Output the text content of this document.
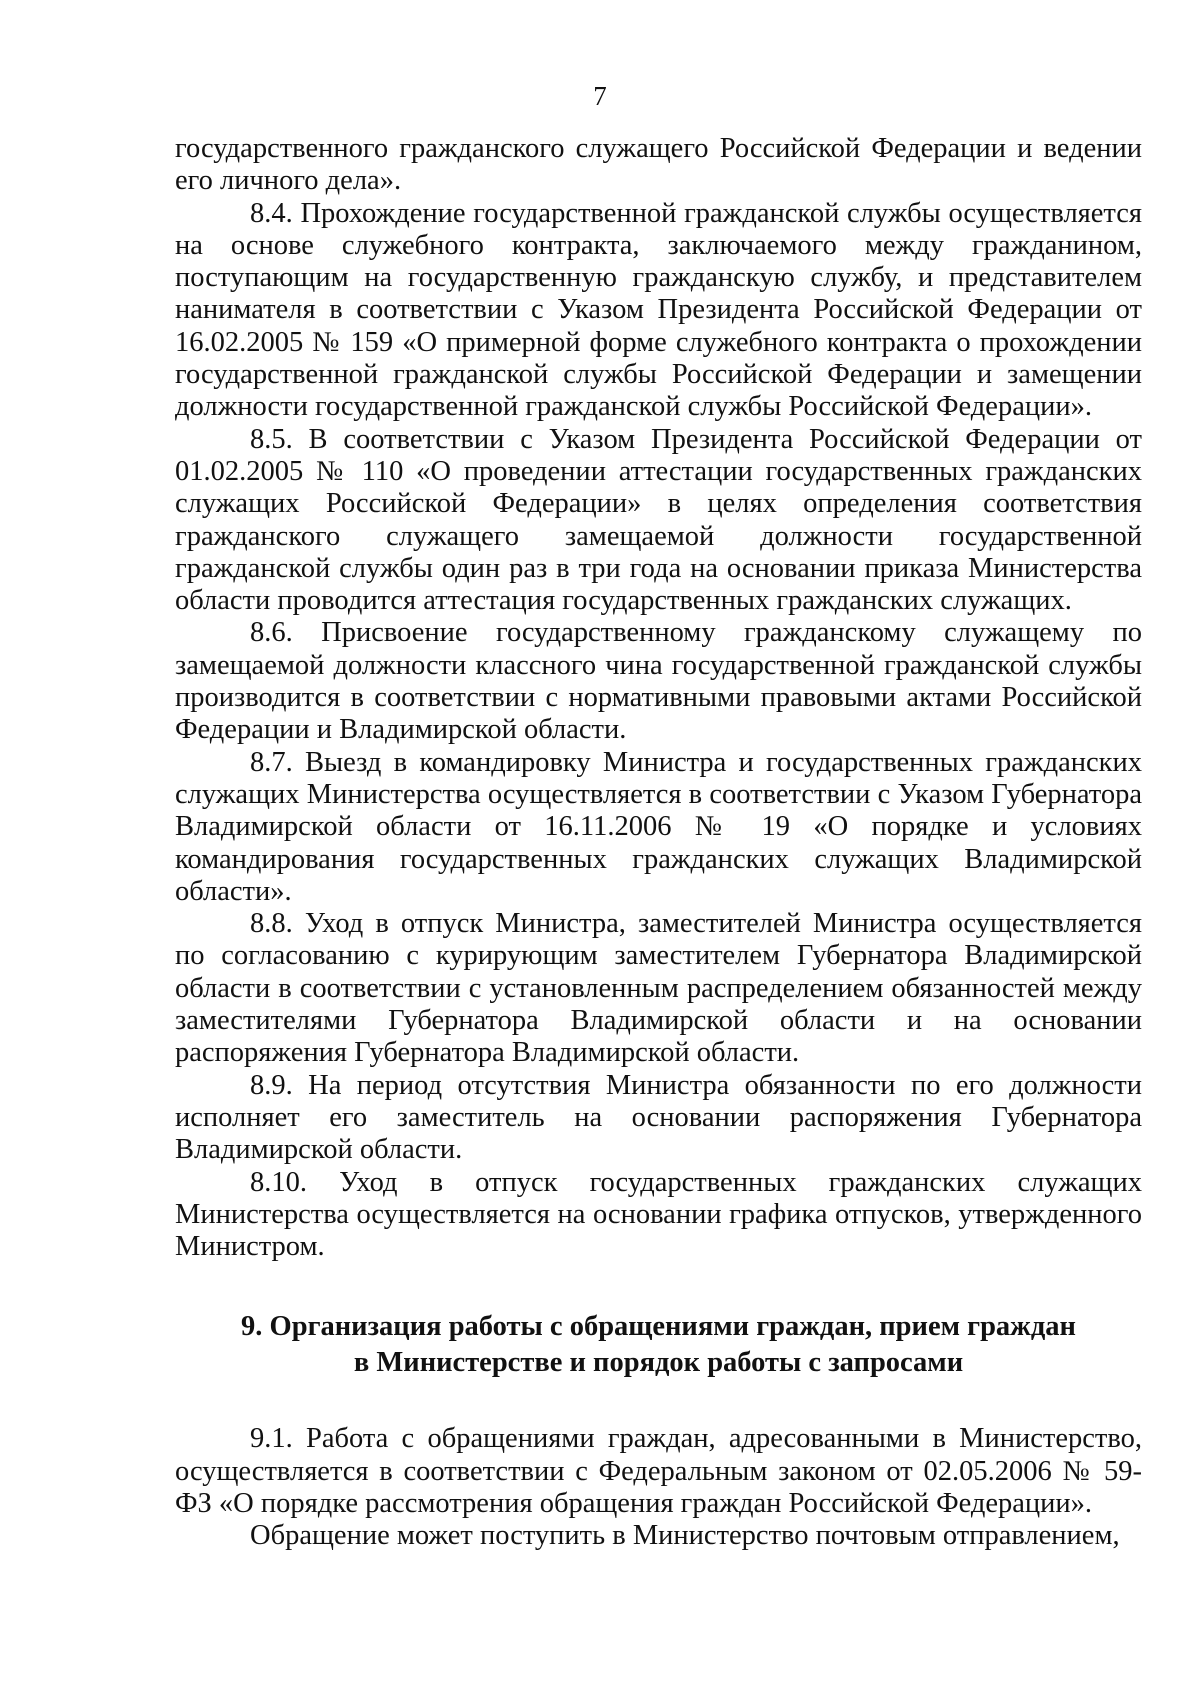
7

государственного гражданского служащего Российской Федерации и ведении его личного дела».

8.4. Прохождение государственной гражданской службы осуществляется на основе служебного контракта, заключаемого между гражданином, поступающим на государственную гражданскую службу, и представителем нанимателя в соответствии с Указом Президента Российской Федерации от 16.02.2005 № 159 «О примерной форме служебного контракта о прохождении государственной гражданской службы Российской Федерации и замещении должности государственной гражданской службы Российской Федерации».

8.5. В соответствии с Указом Президента Российской Федерации от 01.02.2005 № 110 «О проведении аттестации государственных гражданских служащих Российской Федерации» в целях определения соответствия гражданского служащего замещаемой должности государственной гражданской службы один раз в три года на основании приказа Министерства области проводится аттестация государственных гражданских служащих.

8.6. Присвоение государственному гражданскому служащему по замещаемой должности классного чина государственной гражданской службы производится в соответствии с нормативными правовыми актами Российской Федерации и Владимирской области.

8.7. Выезд в командировку Министра и государственных гражданских служащих Министерства осуществляется в соответствии с Указом Губернатора Владимирской области от 16.11.2006 № 19 «О порядке и условиях командирования государственных гражданских служащих Владимирской области».

8.8. Уход в отпуск Министра, заместителей Министра осуществляется по согласованию с курирующим заместителем Губернатора Владимирской области в соответствии с установленным распределением обязанностей между заместителями Губернатора Владимирской области и на основании распоряжения Губернатора Владимирской области.

8.9. На период отсутствия Министра обязанности по его должности исполняет его заместитель на основании распоряжения Губернатора Владимирской области.

8.10. Уход в отпуск государственных гражданских служащих Министерства осуществляется на основании графика отпусков, утвержденного Министром.

9. Организация работы с обращениями граждан, прием граждан
в Министерстве и порядок работы с запросами

9.1. Работа с обращениями граждан, адресованными в Министерство, осуществляется в соответствии с Федеральным законом от 02.05.2006 № 59-ФЗ «О порядке рассмотрения обращения граждан Российской Федерации».

Обращение может поступить в Министерство почтовым отправлением,
